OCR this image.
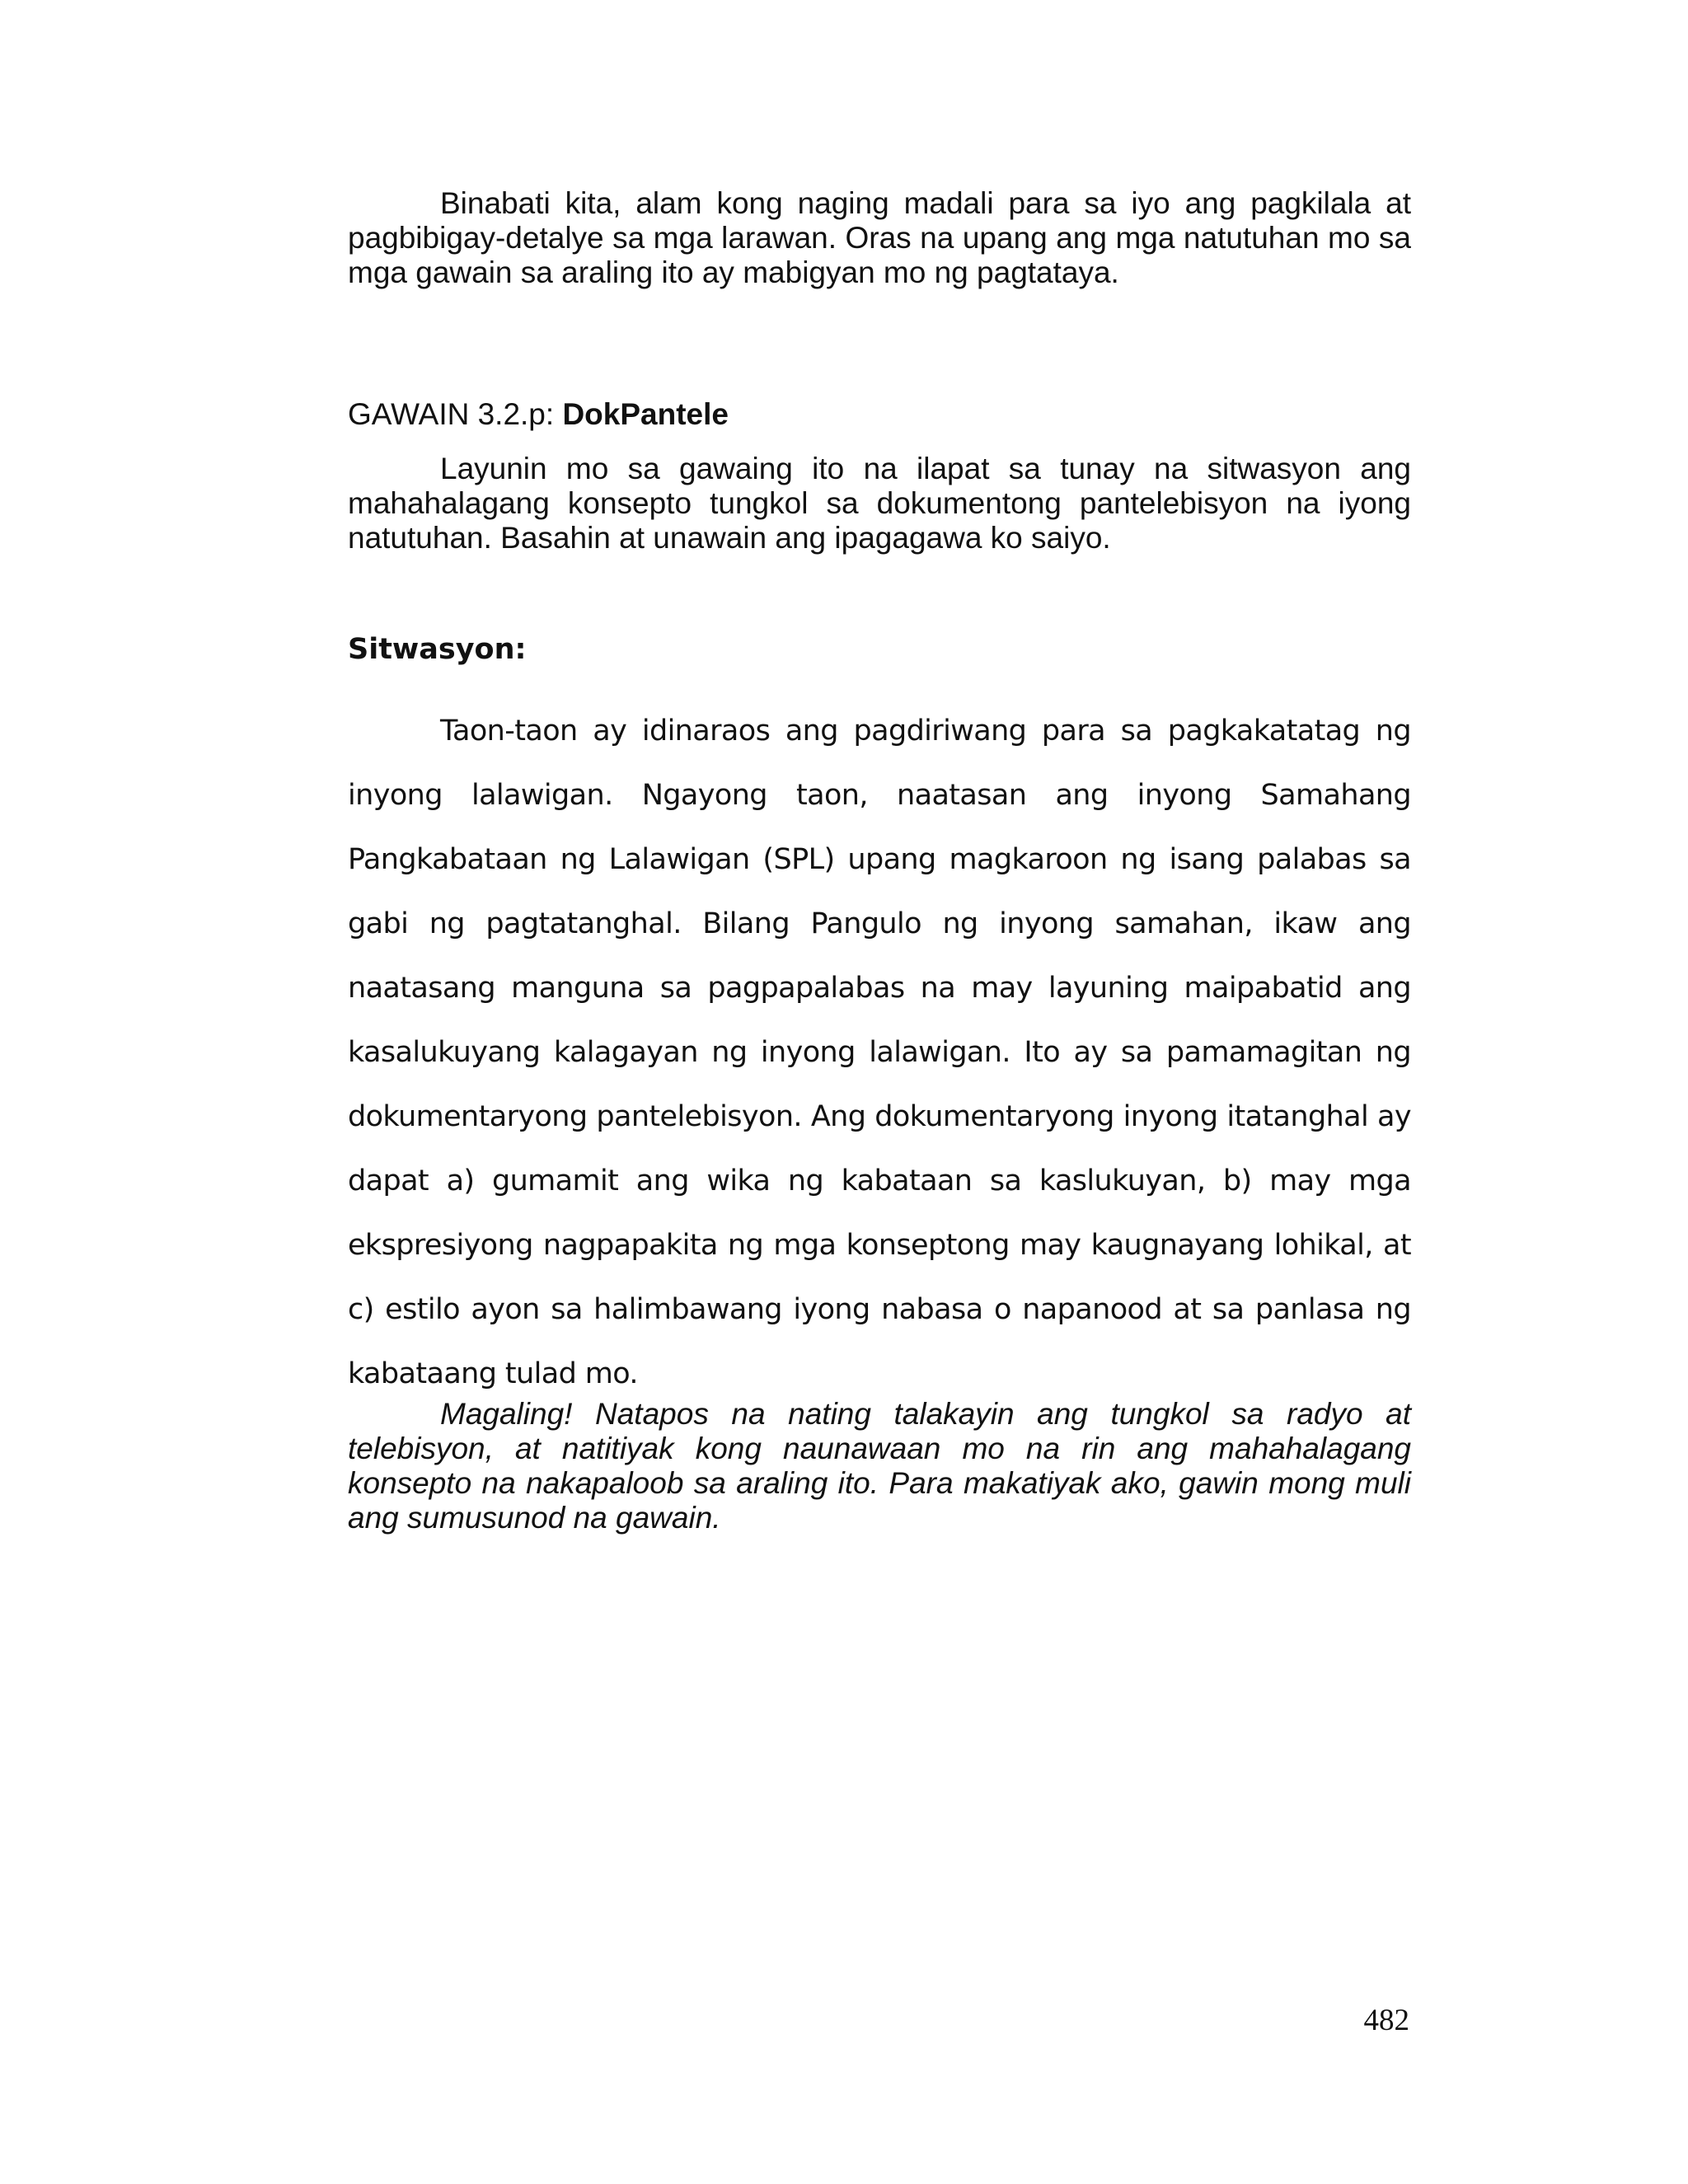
Binabati kita, alam kong naging madali para sa iyo ang pagkilala at pagbibigay-detalye sa mga larawan. Oras na upang ang mga natutuhan mo sa mga gawain sa araling ito ay mabigyan mo ng pagtataya.

GAWAIN 3.2.p: DokPantele

Layunin mo sa gawaing ito na ilapat sa tunay na sitwasyon ang mahahalagang konsepto tungkol sa dokumentong pantelebisyon na iyong natutuhan. Basahin at unawain ang ipagagawa ko saiyo.

Sitwasyon:

Taon-taon ay idinaraos ang pagdiriwang para sa pagkakatatag ng inyong lalawigan. Ngayong taon, naatasan ang inyong Samahang Pangkabataan ng Lalawigan (SPL) upang magkaroon ng isang palabas sa gabi ng pagtatanghal. Bilang Pangulo ng inyong samahan, ikaw ang naatasang manguna sa pagpapalabas na may layuning maipabatid ang kasalukuyang kalagayan ng inyong lalawigan. Ito ay sa pamamagitan ng dokumentaryong pantelebisyon. Ang dokumentaryong inyong itatanghal ay dapat a) gumamit ang wika ng kabataan sa kaslukuyan, b) may mga ekspresiyong nagpapakita ng mga konseptong may kaugnayang lohikal, at c) estilo ayon sa halimbawang iyong nabasa o napanood at sa panlasa ng kabataang tulad mo.

Magaling! Natapos na nating talakayin ang tungkol sa radyo at telebisyon, at natitiyak kong naunawaan mo na rin ang mahahalagang konsepto na nakapaloob sa araling ito. Para makatiyak ako, gawin mong muli ang sumusunod na gawain.

482
